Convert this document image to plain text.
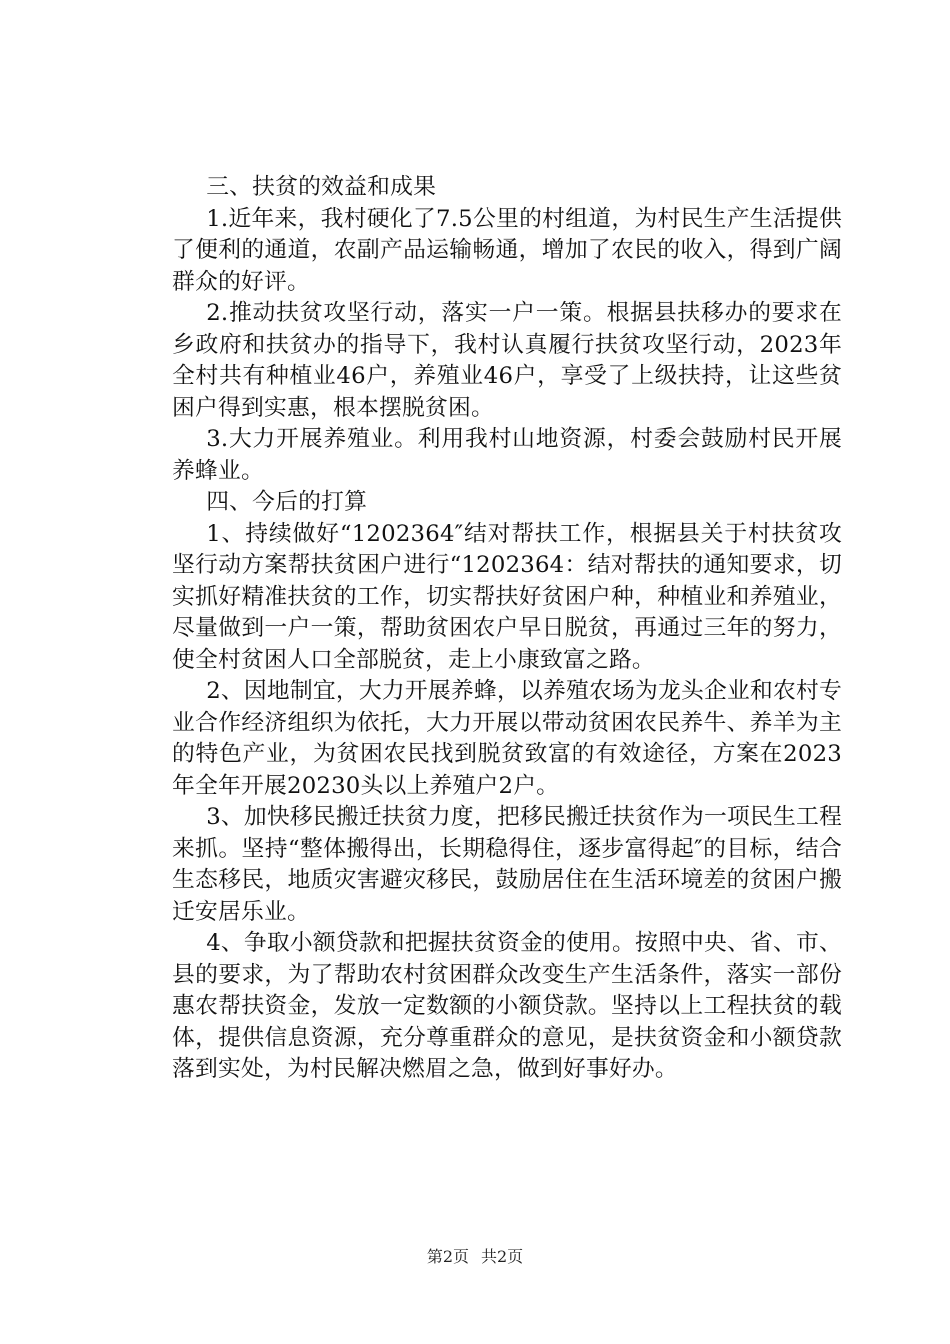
三、扶贫的效益和成果

1.近年来，我村硬化了7.5公里的村组道，为村民生产生活提供了便利的通道，农副产品运输畅通，增加了农民的收入，得到广阔群众的好评。

2.推动扶贫攻坚行动，落实一户一策。根据县扶移办的要求在乡政府和扶贫办的指导下，我村认真履行扶贫攻坚行动，2023年全村共有种植业46户，养殖业46户，享受了上级扶持，让这些贫困户得到实惠，根本摆脱贫困。

3.大力开展养殖业。利用我村山地资源，村委会鼓励村民开展养蜂业。

四、今后的打算

1、持续做好“1202364″结对帮扶工作，根据县关于村扶贫攻坚行动方案帮扶贫困户进行“1202364：结对帮扶的通知要求，切实抓好精准扶贫的工作，切实帮扶好贫困户种，种植业和养殖业，尽量做到一户一策，帮助贫困农户早日脱贫，再通过三年的努力，使全村贫困人口全部脱贫，走上小康致富之路。

2、因地制宜，大力开展养蜂，以养殖农场为龙头企业和农村专业合作经济组织为依托，大力开展以带动贫困农民养牛、养羊为主的特色产业，为贫困农民找到脱贫致富的有效途径，方案在2023年全年开展20230头以上养殖户2户。

3、加快移民搬迁扶贫力度，把移民搬迁扶贫作为一项民生工程来抓。坚持“整体搬得出，长期稳得住，逐步富得起″的目标，结合生态移民，地质灾害避灾移民，鼓励居住在生活环境差的贫困户搬迁安居乐业。

4、争取小额贷款和把握扶贫资金的使用。按照中央、省、市、县的要求，为了帮助农村贫困群众改变生产生活条件，落实一部份惠农帮扶资金，发放一定数额的小额贷款。坚持以上工程扶贫的载体，提供信息资源，充分尊重群众的意见，是扶贫资金和小额贷款落到实处，为村民解决燃眉之急，做到好事好办。

第2页 共2页
